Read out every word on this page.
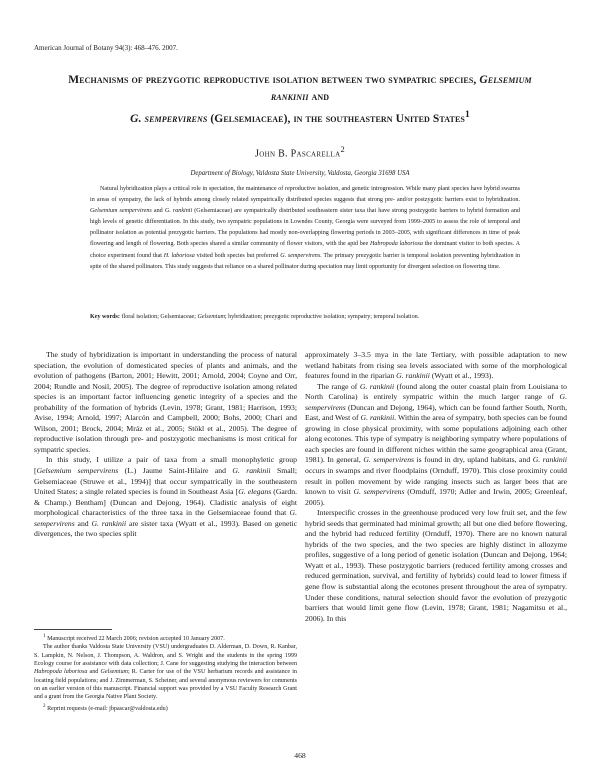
American Journal of Botany 94(3): 468–476. 2007.
Mechanisms of prezygotic reproductive isolation between two sympatric species, Gelsemium rankinii and
G. sempervirens (Gelsemiaceae), in the southeastern United States$^1$
John B. Pascarella$^2$
Department of Biology, Valdosta State University, Valdosta, Georgia 31698 USA
Natural hybridization plays a critical role in speciation, the maintenance of reproductive isolation, and genetic introgression. While many plant species have hybrid swarms in areas of sympatry, the lack of hybrids among closely related sympatrically distributed species suggests that strong pre- and/or postzygotic barriers exist to hybridization. Gelsemium sempervirens and G. rankinii (Gelsemiaceae) are sympatrically distributed southeastern sister taxa that have strong postzygotic barriers to hybrid formation and high levels of genetic differentiation. In this study, two sympatric populations in Lowndes County, Georgia were surveyed from 1999–2005 to assess the role of temporal and pollinator isolation as potential prezygotic barriers. The populations had mostly non-overlapping flowering periods in 2003–2005, with significant differences in time of peak flowering and length of flowering. Both species shared a similar community of flower visitors, with the apid bee Habropoda laboriosa the dominant visitor to both species. A choice experiment found that H. laboriosa visited both species but preferred G. sempervirens. The primary prezygotic barrier is temporal isolation preventing hybridization in spite of the shared pollinators. This study suggests that reliance on a shared pollinator during speciation may limit opportunity for divergent selection on flowering time.
Key words: floral isolation; Gelsemiaceae; Gelsemium; hybridization; prezygotic reproductive isolation; sympatry; temporal isolation.

The study of hybridization is important in understanding the process of natural speciation, the evolution of domesticated species of plants and animals, and the evolution of pathogens (Barton, 2001; Hewitt, 2001; Arnold, 2004; Coyne and Orr, 2004; Rundle and Nosil, 2005). The degree of reproductive isolation among related species is an important factor influencing genetic integrity of a species and the probability of the formation of hybrids (Levin, 1978; Grant, 1981; Harrison, 1993; Avise, 1994; Arnold, 1997; Alarcón and Campbell, 2000; Bohs, 2000; Chari and Wilson, 2001; Brock, 2004; Mráz et al., 2005; Stökl et al., 2005). The degree of reproductive isolation through pre- and postzygotic mechanisms is most critical for sympatric species.

In this study, I utilize a pair of taxa from a small monophyletic group [Gelsemium sempervirens (L.) Jaume Saint-Hilaire and G. rankinii Small; Gelsemiaceae (Struwe et al., 1994)] that occur sympatrically in the southeastern United States; a single related species is found in Southeast Asia [G. elegans (Gardn. & Champ.) Bentham] (Duncan and Dejong, 1964). Cladistic analysis of eight morphological characteristics of the three taxa in the Gelsemiaceae found that G. sempervirens and G. rankinii are sister taxa (Wyatt et al., 1993). Based on genetic divergences, the two species split

$^1$ Manuscript received 22 March 2006; revision accepted 10 January 2007.

The author thanks Valdosta State University (VSU) undergraduates D. Alderman, D. Down, R. Kanbar, S. Lampkin, N. Nelson, J. Thompson, A. Waldron, and S. Wright and the students in the spring 1999 Ecology course for assistance with data collection; J. Cane for suggesting studying the interaction between Habropoda laboriosa and Gelsemium; R. Carter for use of the VSU herbarium records and assistance in locating field populations; and J. Zimmerman, S. Scheiner, and several anonymous reviewers for comments on an earlier version of this manuscript. Financial support was provided by a VSU Faculty Research Grant and a grant from the Georgia Native Plant Society.

$^2$ Reprint requests (e-mail: jbpascar@valdosta.edu)

approximately 3–3.5 mya in the late Tertiary, with possible adaptation to new wetland habitats from rising sea levels associated with some of the morphological features found in the riparian G. rankinii (Wyatt et al., 1993).

The range of G. rankinii (found along the outer coastal plain from Louisiana to North Carolina) is entirely sympatric within the much larger range of G. sempervirens (Duncan and Dejong, 1964), which can be found farther South, North, East, and West of G. rankinii. Within the area of sympatry, both species can be found growing in close physical proximity, with some populations adjoining each other along ecotones. This type of sympatry is neighboring sympatry where populations of each species are found in different niches within the same geographical area (Grant, 1981). In general, G. sempervirens is found in dry, upland habitats, and G. rankinii occurs in swamps and river floodplains (Ornduff, 1970). This close proximity could result in pollen movement by wide ranging insects such as larger bees that are known to visit G. sempervirens (Ornduff, 1970; Adler and Irwin, 2005; Greenleaf, 2005).

Interspecific crosses in the greenhouse produced very low fruit set, and the few hybrid seeds that germinated had minimal growth; all but one died before flowering, and the hybrid had reduced fertility (Ornduff, 1970). There are no known natural hybrids of the two species, and the two species are highly distinct in allozyme profiles, suggestive of a long period of genetic isolation (Duncan and Dejong, 1964; Wyatt et al., 1993). These postzygotic barriers (reduced fertility among crosses and reduced germination, survival, and fertility of hybrids) could lead to lower fitness if gene flow is substantial along the ecotones present throughout the area of sympatry. Under these conditions, natural selection should favor the evolution of prezygotic barriers that would limit gene flow (Levin, 1978; Grant, 1981; Nagamitsu et al., 2006). In this

468
